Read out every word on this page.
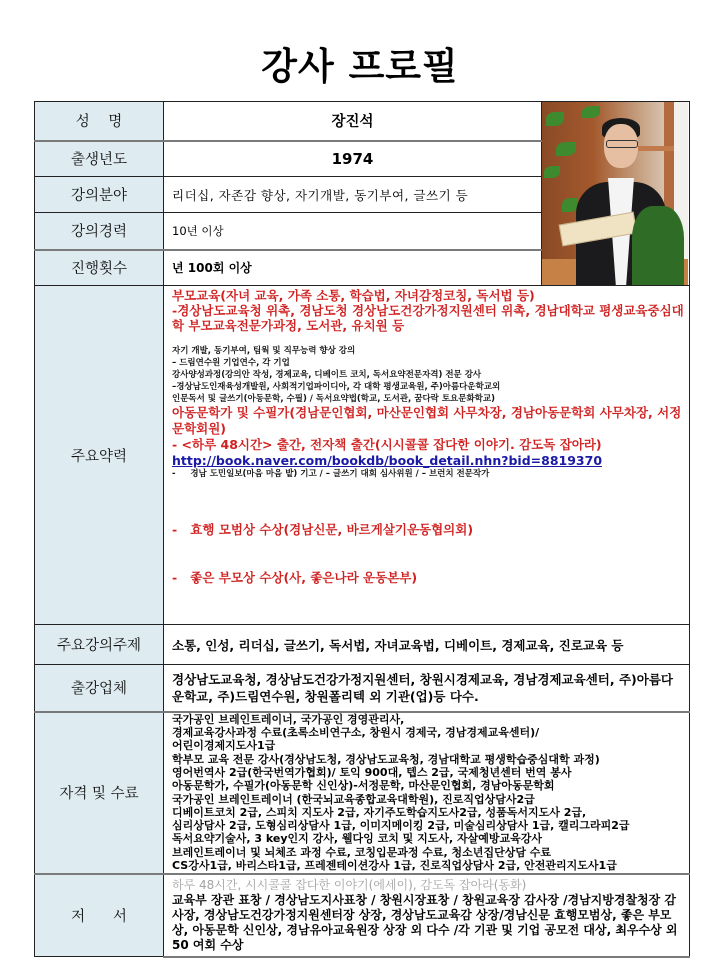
강사 프로필
성    명	장진석	

출생년도	1974	
강의분야	리더십, 자존감 향상, 자기개발, 동기부여, 글쓰기 등	
강의경력	10년 이상	
진행횟수	년 100회 이상	
주요약력	
부모교육(자녀 교육, 가족 소통, 학습법, 자녀감정코칭, 독서법 등)
-경상남도교육청 위촉, 경남도청 경상남도건강가정지원센터 위촉, 경남대학교 평생교육중심대학 부모교육전문가과정, 도서관, 유치원 등
자기 개발, 동기부여, 팀웍 및 직무능력 향상 강의
– 드림연수원 기업연수, 각 기업
강사양성과정(강의안 작성, 경제교육, 디베이트 코치, 독서요약전문자격) 전문 강사
–경상남도인재육성개발원, 사회적기업파이디아, 각 대학 평생교육원, 주)아름다운학교외
인문독서 및 글쓰기(아동문학, 수필) / 독서요약법(학교, 도서관, 꿈다락 토요문화학교)
아동문학가 및 수필가(경남문인협회, 마산문인협회 사무차장, 경남아동문학회 사무차장, 서정문학회원)
- <하루 48시간> 출간, 전자책 출간(시시콜콜 잡다한 이야기. 감도독 잡아라)
http://book.naver.com/bookdb/book_detail.nhn?bid=8819370
-     경남 도민일보(마음 마음 밭) 기고 / – 글쓰기 대회 심사위원 / – 브런치 전문작가

-   효행 모범상 수상(경남신문, 바르게살기운동협의회)

-   좋은 부모상 수상(사, 좋은나라 운동본부)

주요강의주제	소통, 인성, 리더십, 글쓰기, 독서법, 자녀교육법, 디베이트, 경제교육, 진로교육 등	
출강업체	경상남도교육청, 경상남도건강가정지원센터, 창원시경제교육, 경남경제교육센터, 주)아름다운학교, 주)드림연수원, 창원폴리텍 외 기관(업)등 다수.	
자격 및 수료	
국가공인 브레인트레이너, 국가공인 경영관리사,
경제교육강사과정 수료(초록소비연구소, 창원시 경제국, 경남경제교육센터)/
어린이경제지도사1급
학부모 교육 전문 강사(경상남도청, 경상남도교육청, 경남대학교 평생학습중심대학 과정)
영어번역사 2급(한국번역가협회)/ 토익 900대, 텝스 2급, 국제청년센터 번역 봉사
아동문학가, 수필가(아동문학 신인상)-서정문학, 마산문인협회, 경남아동문학회
국가공인 브레인트레이너 (한국뇌교육종합교육대학원), 진로직업상담사2급
디베이트코치 2급, 스피치 지도사 2급, 자기주도학습지도사2급, 성품독서지도사 2급,
심리상담사 2급, 도형심리상담사 1급, 이미지메이킹 2급, 미술심리상담사 1급, 캘리그라피2급
독서요약기술사, 3 key인지 강사, 웰다잉 코치 및 지도사, 자살예방교육강사
브레인트레이너 및 뇌체조 과정 수료, 코칭입문과정 수료, 청소년집단상담 수료
CS강사1급, 바리스타1급, 프레젠테이션강사 1급, 진로직업상담사 2급, 안전관리지도사1급

저      서	하루 48시간, 시시콜콜 잡다한 이야기(에세이), 감도독 잡아라(동화)
교육부 장관 표창 / 경상남도지사표창 / 창원시장표창 / 창원교육장 감사장 /경남지방경찰청장 감사장, 경상남도건강가정지원센터장 상장, 경상남도교육감 상장/경남신문 효행모범상, 좋은 부모상, 아동문학 신인상, 경남유아교육원장 상장 외 다수 /각 기관 및 기업 공모전 대상, 최우수상 외 50 여회 수상	
